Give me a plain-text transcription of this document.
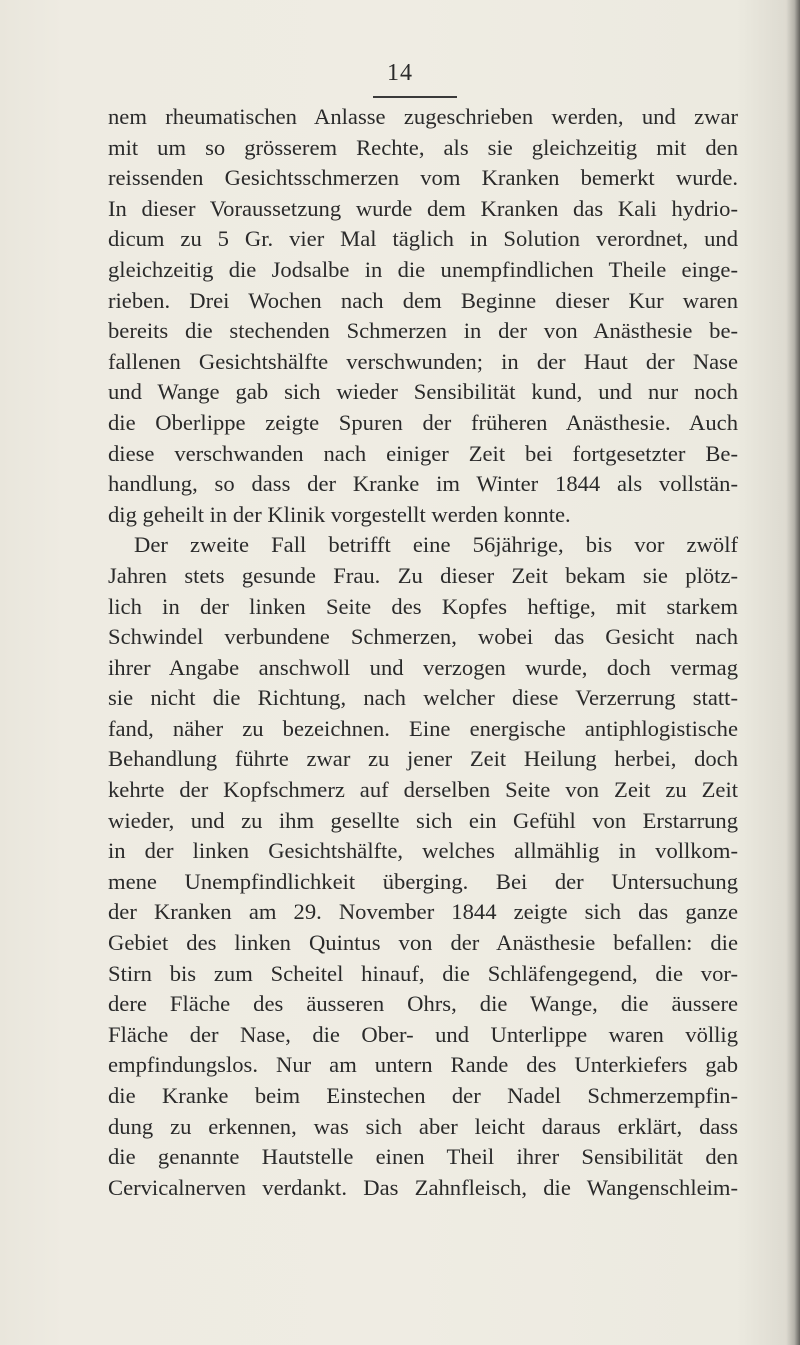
14
nem rheumatischen Anlasse zugeschrieben werden, und zwar
mit um so grösserem Rechte, als sie gleichzeitig mit den
reissenden Gesichtsschmerzen vom Kranken bemerkt wurde.
In dieser Voraussetzung wurde dem Kranken das Kali hydrio-
dicum zu 5 Gr. vier Mal täglich in Solution verordnet, und
gleichzeitig die Jodsalbe in die unempfindlichen Theile einge-
rieben. Drei Wochen nach dem Beginne dieser Kur waren
bereits die stechenden Schmerzen in der von Anästhesie be-
fallenen Gesichtshälfte verschwunden; in der Haut der Nase
und Wange gab sich wieder Sensibilität kund, und nur noch
die Oberlippe zeigte Spuren der früheren Anästhesie. Auch
diese verschwanden nach einiger Zeit bei fortgesetzter Be-
handlung, so dass der Kranke im Winter 1844 als vollstän-
dig geheilt in der Klinik vorgestellt werden konnte.
Der zweite Fall betrifft eine 56jährige, bis vor zwölf
Jahren stets gesunde Frau. Zu dieser Zeit bekam sie plötz-
lich in der linken Seite des Kopfes heftige, mit starkem
Schwindel verbundene Schmerzen, wobei das Gesicht nach
ihrer Angabe anschwoll und verzogen wurde, doch vermag
sie nicht die Richtung, nach welcher diese Verzerrung statt-
fand, näher zu bezeichnen. Eine energische antiphlogistische
Behandlung führte zwar zu jener Zeit Heilung herbei, doch
kehrte der Kopfschmerz auf derselben Seite von Zeit zu Zeit
wieder, und zu ihm gesellte sich ein Gefühl von Erstarrung
in der linken Gesichtshälfte, welches allmählig in vollkom-
mene Unempfindlichkeit überging. Bei der Untersuchung
der Kranken am 29. November 1844 zeigte sich das ganze
Gebiet des linken Quintus von der Anästhesie befallen: die
Stirn bis zum Scheitel hinauf, die Schläfengegend, die vor-
dere Fläche des äusseren Ohrs, die Wange, die äussere
Fläche der Nase, die Ober- und Unterlippe waren völlig
empfindungslos. Nur am untern Rande des Unterkiefers gab
die Kranke beim Einstechen der Nadel Schmerzempfin-
dung zu erkennen, was sich aber leicht daraus erklärt, dass
die genannte Hautstelle einen Theil ihrer Sensibilität den
Cervicalnerven verdankt. Das Zahnfleisch, die Wangenschleim-
